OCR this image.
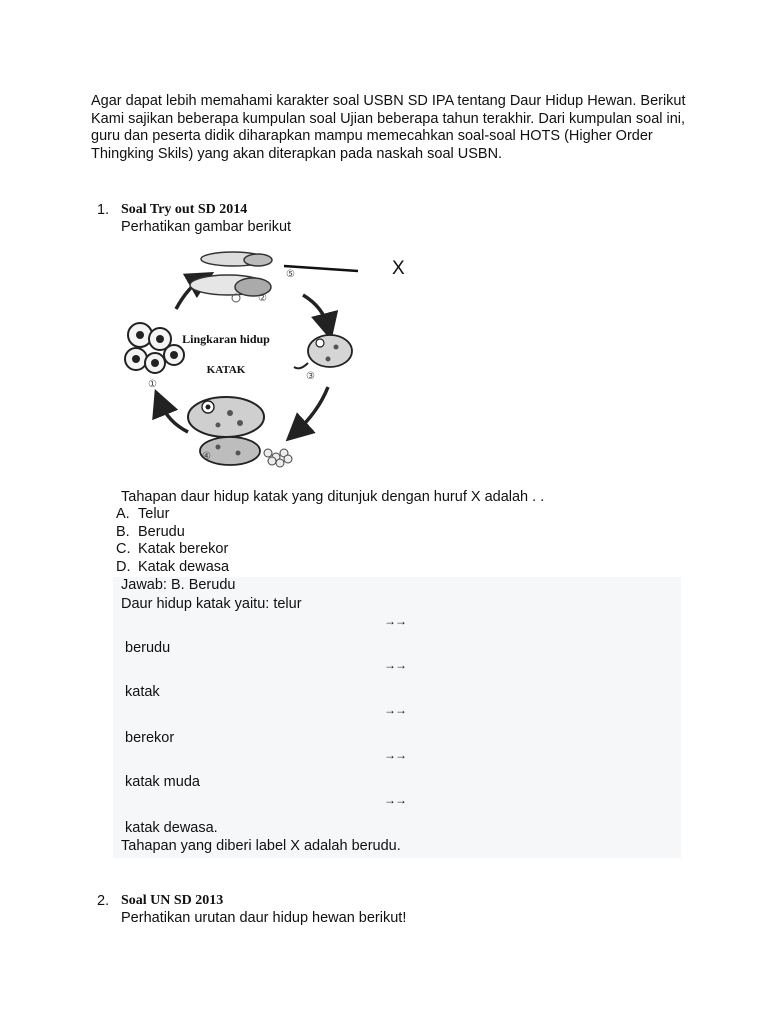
Agar dapat lebih memahami karakter soal USBN SD IPA tentang Daur Hidup Hewan. Berikut Kami sajikan beberapa kumpulan soal Ujian beberapa tahun terakhir. Dari kumpulan soal ini, guru dan peserta didik diharapkan mampu memecahkan soal-soal HOTS (Higher Order Thingking Skils) yang akan diterapkan pada naskah soal USBN.
1. Soal Try out SD 2014
Perhatikan gambar berikut
Lingkaran hidup
KATAK
①
②
③
④
⑤	X
Tahapan daur hidup katak yang ditunjuk dengan huruf X adalah . .
A. Telur
B. Berudu
C. Katak berekor
D. Katak dewasa
Jawab: B. Berudu
Daur hidup katak yaitu: telur
→→
berudu
→→
katak
→→
berekor
→→
katak muda
→→
katak dewasa.
Tahapan yang diberi label X adalah berudu.
2. Soal UN SD 2013
Perhatikan urutan daur hidup hewan berikut!
